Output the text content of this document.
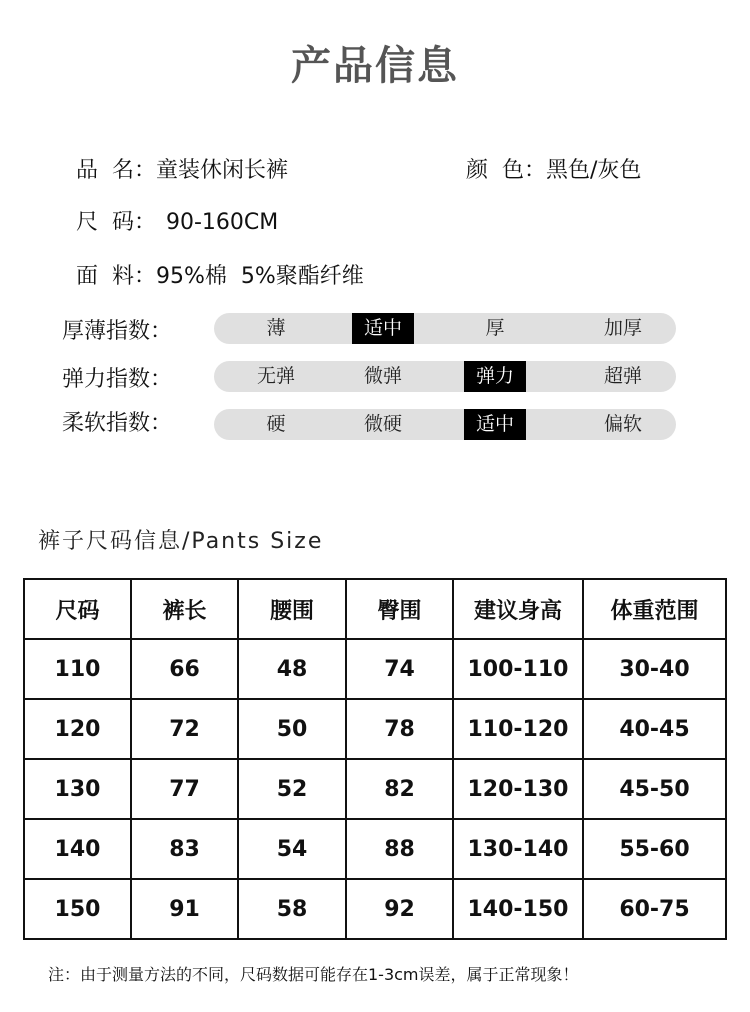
产品信息

品  名：童装休闲长裤	颜  色：黑色/灰色

尺  码： 90-160CM

面  料：95%棉  5%聚酯纤维

厚薄指数：	薄	适中	厚	加厚
弹力指数：	无弹	微弹	弹力	超弹
柔软指数：	硬	微硬	适中	偏软
裤子尺码信息/Pants Size
尺码	裤长	腰围	臀围	建议身高	体重范围
110	66	48	74	100-110	30-40
120	72	50	78	110-120	40-45
130	77	52	82	120-130	45-50
140	83	54	88	130-140	55-60
150	91	58	92	140-150	60-75
注：由于测量方法的不同，尺码数据可能存在1-3cm误差，属于正常现象！
